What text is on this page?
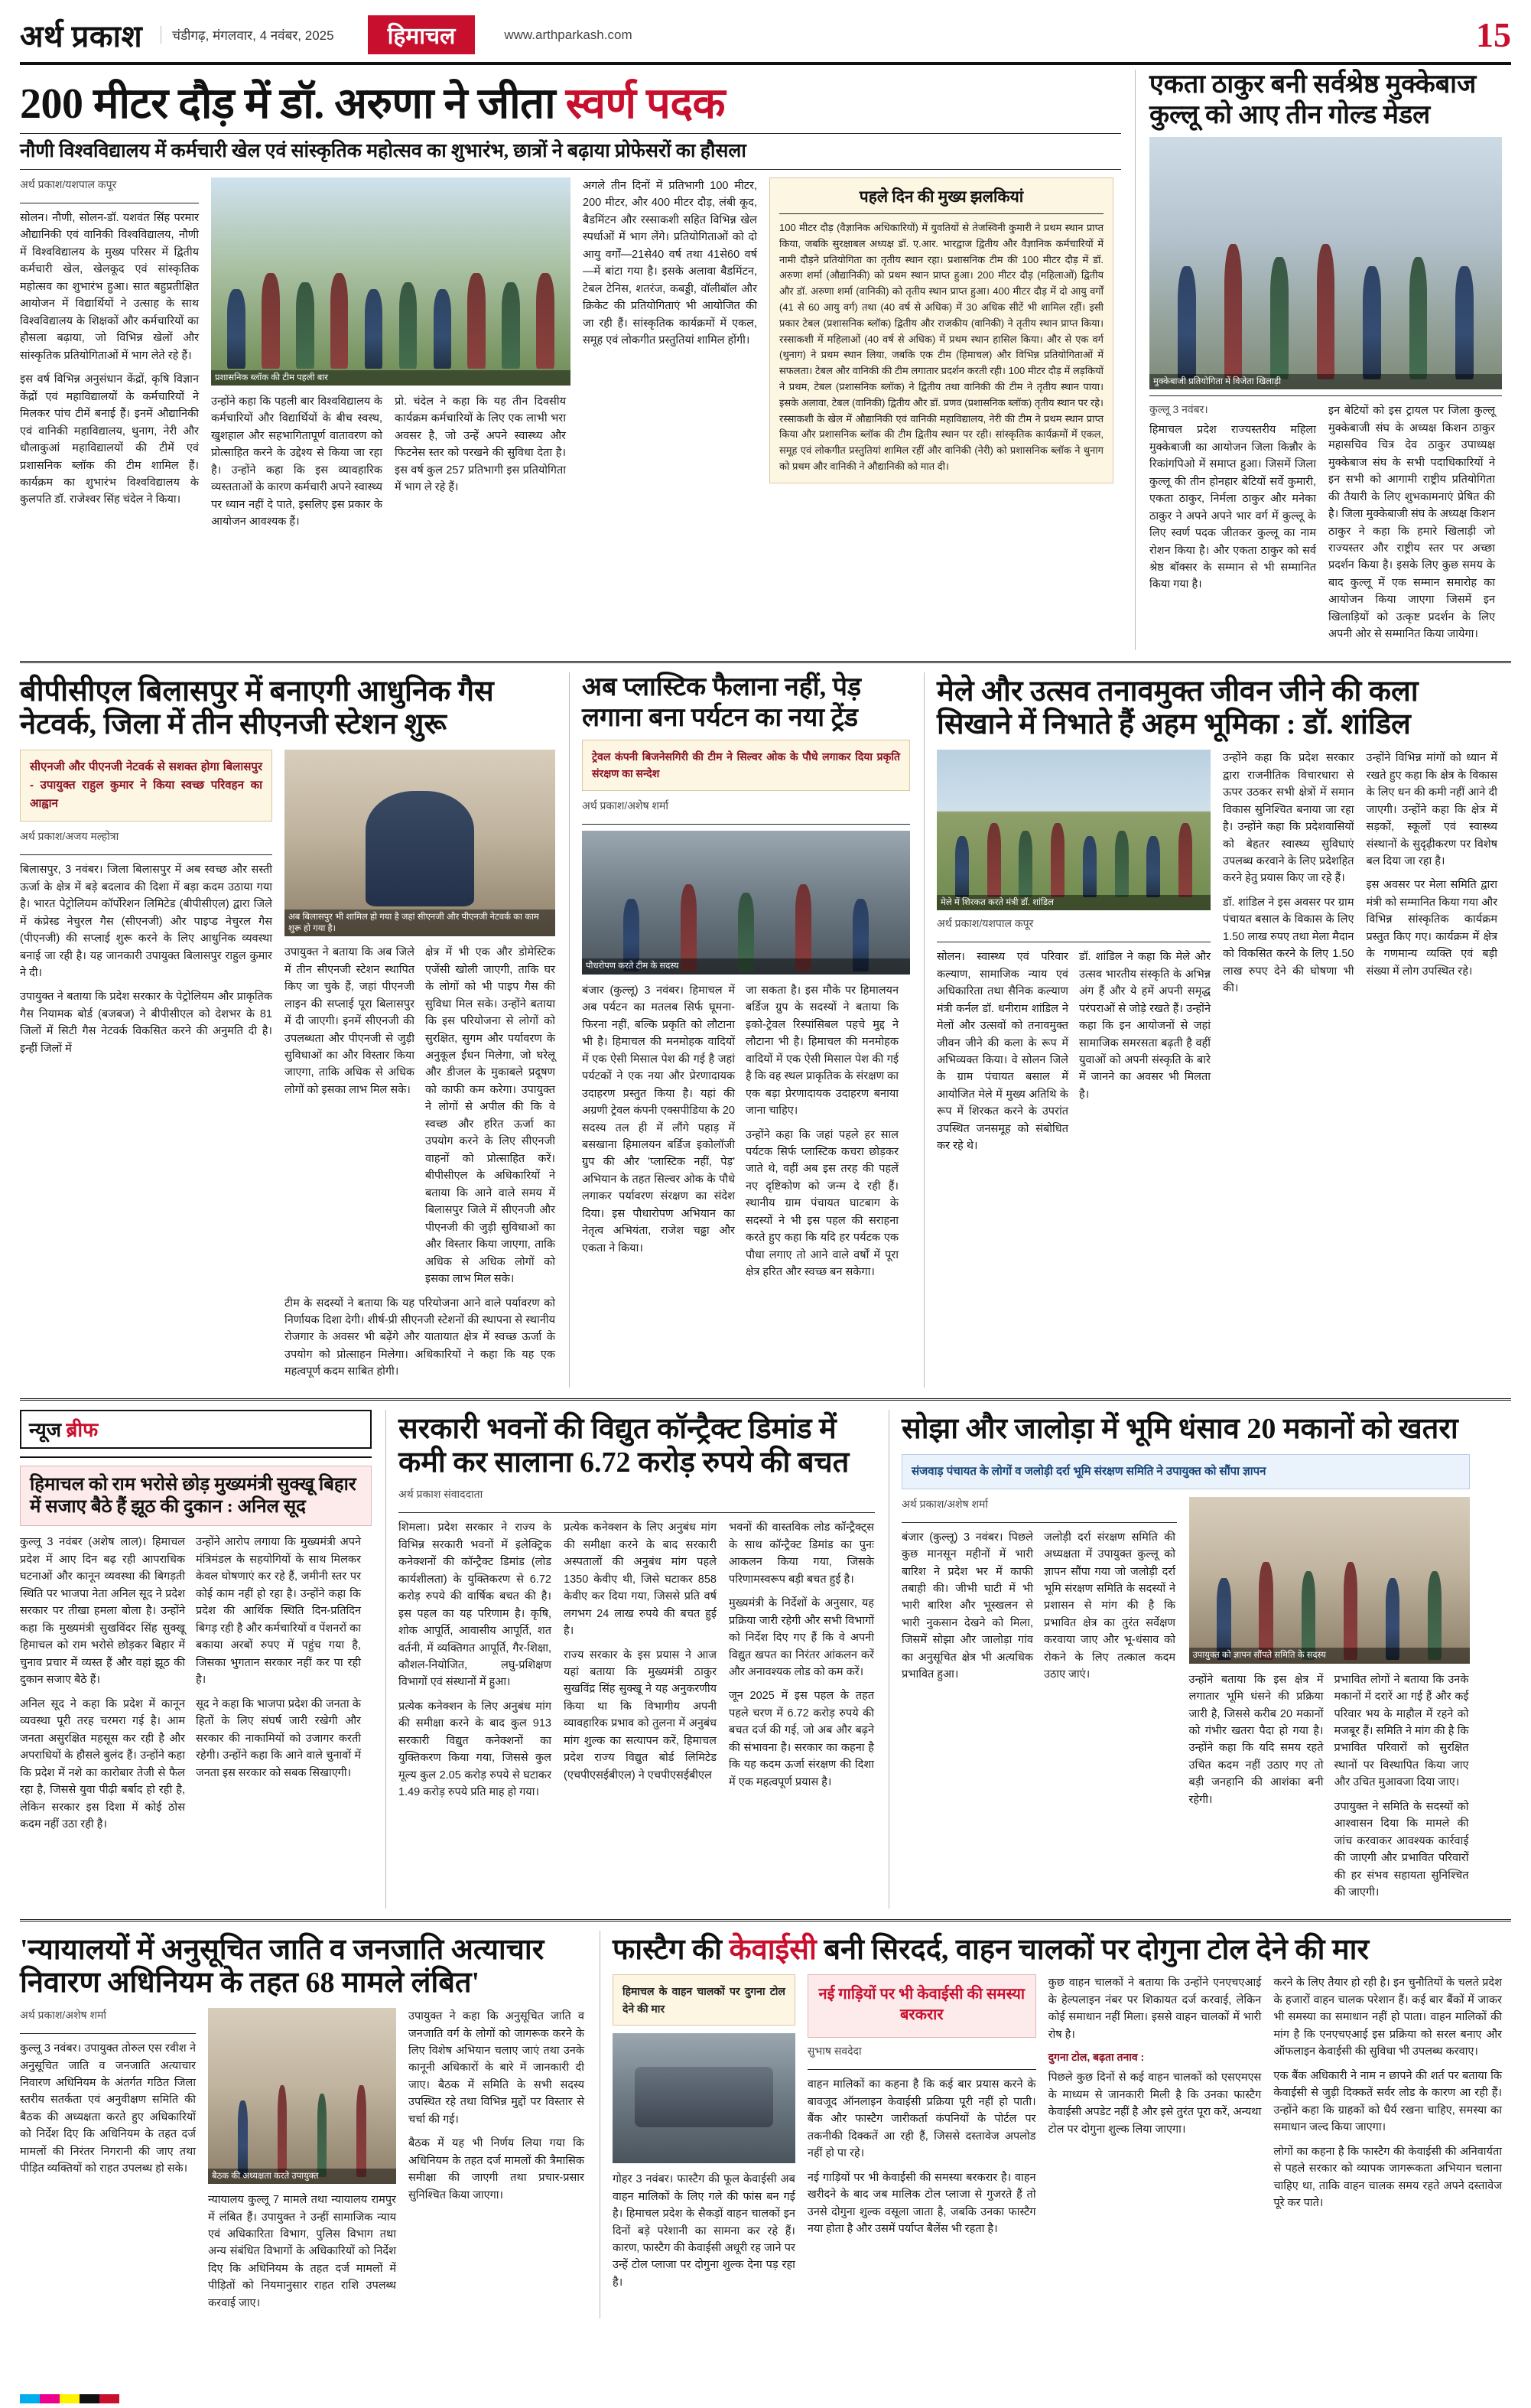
अर्थ प्रकाश	चंडीगढ़, मंगलवार, 4 नवंबर, 2025	हिमाचल	www.arthparkash.com	15
200 मीटर दौड़ में डॉ. अरुणा ने जीता स्वर्ण पदक
नौणी विश्वविद्यालय में कर्मचारी खेल एवं सांस्कृतिक महोत्सव का शुभारंभ, छात्रों ने बढ़ाया प्रोफेसरों का हौसला
अर्थ प्रकाश/यशपाल कपूर

सोलन। नौणी, सोलन-डॉ. यशवंत सिंह परमार औद्यानिकी एवं वानिकी विश्वविद्यालय, नौणी में विश्वविद्यालय के मुख्य परिसर में द्वितीय कर्मचारी खेल, खेलकूद एवं सांस्कृतिक महोत्सव का शुभारंभ हुआ। सात बहुप्रतीक्षित आयोजन में विद्यार्थियों ने उत्साह के साथ विश्वविद्यालय के शिक्षकों और कर्मचारियों का हौसला बढ़ाया, जो विभिन्न खेलों और सांस्कृतिक प्रतियोगिताओं में भाग लेते रहे हैं।

इस वर्ष विभिन्न अनुसंधान केंद्रों, कृषि विज्ञान केंद्रों एवं महाविद्यालयों के कर्मचारियों ने मिलकर पांच टीमें बनाई हैं। इनमें औद्यानिकी एवं वानिकी महाविद्यालय, थुनाग, नेरी और धौलाकुआं महाविद्यालयों की टीमें एवं प्रशासनिक ब्लॉक की टीम शामिल हैं। कार्यक्रम का शुभारंभ विश्वविद्यालय के कुलपति डॉ. राजेश्वर सिंह चंदेल ने किया।

प्रशासनिक ब्लॉक की टीम पहली बार

उन्होंने कहा कि पहली बार विश्वविद्यालय के कर्मचारियों और विद्यार्थियों के बीच स्वस्थ, खुशहाल और सहभागितापूर्ण वातावरण को प्रोत्साहित करने के उद्देश्य से किया जा रहा है। उन्होंने कहा कि इस व्यावहारिक व्यस्तताओं के कारण कर्मचारी अपने स्वास्थ्य पर ध्यान नहीं दे पाते, इसलिए इस प्रकार के आयोजन आवश्यक हैं।

प्रो. चंदेल ने कहा कि यह तीन दिवसीय कार्यक्रम कर्मचारियों के लिए एक लाभी भरा अवसर है, जो उन्हें अपने स्वास्थ्य और फिटनेस स्तर को परखने की सुविधा देता है। इस वर्ष कुल 257 प्रतिभागी इस प्रतियोगिता में भाग ले रहे हैं।

अगले तीन दिनों में प्रतिभागी 100 मीटर, 200 मीटर, और 400 मीटर दौड़, लंबी कूद, बैडमिंटन और रस्साकशी सहित विभिन्न खेल स्पर्धाओं में भाग लेंगे। प्रतियोगिताओं को दो आयु वर्गों—21से40 वर्ष तथा 41से60 वर्ष—में बांटा गया है। इसके अलावा बैडमिंटन, टेबल टेनिस, शतरंज, कबड्डी, वॉलीबॉल और क्रिकेट की प्रतियोगिताएं भी आयोजित की जा रही हैं। सांस्कृतिक कार्यक्रमों में एकल, समूह एवं लोकगीत प्रस्तुतियां शामिल होंगी।

पहले दिन की मुख्य झलकियां
100 मीटर दौड़ (वैज्ञानिक अधिकारियों) में युवतियों से तेजस्विनी कुमारी ने प्रथम स्थान प्राप्त किया, जबकि सुरक्षाबल अध्यक्ष डॉ. ए.आर. भारद्वाज द्वितीय और वैज्ञानिक कर्मचारियों में नामी दौड़ने प्रतियोगिता का तृतीय स्थान रहा। प्रशासनिक टीम की 100 मीटर दौड़ में डॉ. अरुणा शर्मा (औद्यानिकी) को प्रथम स्थान प्राप्त हुआ। 200 मीटर दौड़ (महिलाओं) द्वितीय और डॉ. अरुणा शर्मा (वानिकी) को तृतीय स्थान प्राप्त हुआ। 400 मीटर दौड़ में दो आयु वर्गों (41 से 60 आयु वर्ग) तथा (40 वर्ष से अधिक) में 30 अधिक सीटें भी शामिल रहीं। इसी प्रकार टेबल (प्रशासनिक ब्लॉक) द्वितीय और राजकीय (वानिकी) ने तृतीय स्थान प्राप्त किया। रस्साकशी में महिलाओं (40 वर्ष से अधिक) में प्रथम स्थान हासिल किया। और से एक वर्ग (थुनाग) ने प्रथम स्थान लिया, जबकि एक टीम (हिमाचल) और विभिन्न प्रतियोगिताओं में सफलता। टेबल और वानिकी की टीम लगातार प्रदर्शन करती रही। 100 मीटर दौड़ में लड़कियों ने प्रथम, टेबल (प्रशासनिक ब्लॉक) ने द्वितीय तथा वानिकी की टीम ने तृतीय स्थान पाया। इसके अलावा, टेबल (वानिकी) द्वितीय और डॉ. प्रणव (प्रशासनिक ब्लॉक) तृतीय स्थान पर रहे। रस्साकशी के खेल में औद्यानिकी एवं वानिकी महाविद्यालय, नेरी की टीम ने प्रथम स्थान प्राप्त किया और प्रशासनिक ब्लॉक की टीम द्वितीय स्थान पर रही। सांस्कृतिक कार्यक्रमों में एकल, समूह एवं लोकगीत प्रस्तुतियां शामिल रहीं और वानिकी (नेरी) को प्रशासनिक ब्लॉक ने थुनाग को प्रथम और वानिकी ने औद्यानिकी को मात दी।
एकता ठाकुर बनी सर्वश्रेष्ठ मुक्केबाज कुल्लू को आए तीन गोल्ड मेडल
मुक्केबाजी प्रतियोगिता में विजेता खिलाड़ी
कुल्लू 3 नवंबर।

हिमाचल प्रदेश राज्यस्तरीय महिला मुक्केबाजी का आयोजन जिला किन्नौर के रिकांगपिओ में समाप्त हुआ। जिसमें जिला कुल्लू की तीन होनहार बेटियों सर्वे कुमारी, एकता ठाकुर, निर्मला ठाकुर और मनेका ठाकुर ने अपने अपने भार वर्ग में कुल्लू के लिए स्वर्ण पदक जीतकर कुल्लू का नाम रोशन किया है। और एकता ठाकुर को सर्व श्रेष्ठ बॉक्सर के सम्मान से भी सम्मानित किया गया है।

इन बेटियों को इस ट्रायल पर जिला कुल्लू मुक्केबाजी संघ के अध्यक्ष किशन ठाकुर महासचिव चित्र देव ठाकुर उपाध्यक्ष मुक्केबाज संघ के सभी पदाधिकारियों ने इन सभी को आगामी राष्ट्रीय प्रतियोगिता की तैयारी के लिए शुभकामनाएं प्रेषित की है। जिला मुक्केबाजी संघ के अध्यक्ष किशन ठाकुर ने कहा कि हमारे खिलाड़ी जो राज्यस्तर और राष्ट्रीय स्तर पर अच्छा प्रदर्शन किया है। इसके लिए कुछ समय के बाद कुल्लू में एक सम्मान समारोह का आयोजन किया जाएगा जिसमें इन खिलाड़ियों को उत्कृष्ट प्रदर्शन के लिए अपनी ओर से सम्मानित किया जायेगा।

बीपीसीएल बिलासपुर में बनाएगी आधुनिक गैस नेटवर्क, जिला में तीन सीएनजी स्टेशन शुरू
सीएनजी और पीएनजी नेटवर्क से सशक्त होगा बिलासपुर - उपायुक्त राहुल कुमार ने किया स्वच्छ परिवहन का आह्वान
अर्थ प्रकाश/अजय मल्होत्रा

बिलासपुर, 3 नवंबर। जिला बिलासपुर में अब स्वच्छ और सस्ती ऊर्जा के क्षेत्र में बड़े बदलाव की दिशा में बड़ा कदम उठाया गया है। भारत पेट्रोलियम कॉर्पोरेशन लिमिटेड (बीपीसीएल) द्वारा जिले में कंप्रेस्ड नेचुरल गैस (सीएनजी) और पाइप्ड नेचुरल गैस (पीएनजी) की सप्लाई शुरू करने के लिए आधुनिक व्यवस्था बनाई जा रही है। यह जानकारी उपायुक्त बिलासपुर राहुल कुमार ने दी।

उपायुक्त ने बताया कि प्रदेश सरकार के पेट्रोलियम और प्राकृतिक गैस नियामक बोर्ड (बजबज) ने बीपीसीएल को देशभर के 81 जिलों में सिटी गैस नेटवर्क विकसित करने की अनुमति दी है। इन्हीं जिलों में

अब बिलासपुर भी शामिल हो गया है जहां सीएनजी और पीएनजी नेटवर्क का काम शुरू हो गया है।

उपायुक्त ने बताया कि अब जिले में तीन सीएनजी स्टेशन स्थापित किए जा चुके हैं, जहां पीएनजी लाइन की सप्लाई पूरा बिलासपुर में दी जाएगी। इनमें सीएनजी की उपलब्धता और पीएनजी से जुड़ी सुविधाओं का और विस्तार किया जाएगा, ताकि अधिक से अधिक लोगों को इसका लाभ मिल सके।

क्षेत्र में भी एक और डोमेस्टिक एजेंसी खोली जाएगी, ताकि घर के लोगों को भी पाइप गैस की सुविधा मिल सके। उन्होंने बताया कि इस परियोजना से लोगों को सुरक्षित, सुगम और पर्यावरण के अनुकूल ईंधन मिलेगा, जो घरेलू और डीजल के मुकाबले प्रदूषण को काफी कम करेगा। उपायुक्त ने लोगों से अपील की कि वे स्वच्छ और हरित ऊर्जा का उपयोग करने के लिए सीएनजी वाहनों को प्रोत्साहित करें। बीपीसीएल के अधिकारियों ने बताया कि आने वाले समय में बिलासपुर जिले में सीएनजी और पीएनजी की जुड़ी सुविधाओं का और विस्तार किया जाएगा, ताकि अधिक से अधिक लोगों को इसका लाभ मिल सके।

टीम के सदस्यों ने बताया कि यह परियोजना आने वाले पर्यावरण को निर्णायक दिशा देगी। शीर्ष-प्री सीएनजी स्टेशनों की स्थापना से स्थानीय रोजगार के अवसर भी बढ़ेंगे और यातायात क्षेत्र में स्वच्छ ऊर्जा के उपयोग को प्रोत्साहन मिलेगा। अधिकारियों ने कहा कि यह एक महत्वपूर्ण कदम साबित होगी।

अब प्लास्टिक फैलाना नहीं, पेड़ लगाना बना पर्यटन का नया ट्रेंड
ट्रेवल कंपनी बिजनेसगिरी की टीम ने सिल्वर ओक के पौधे लगाकर दिया प्रकृति संरक्षण का सन्देश
अर्थ प्रकाश/अशेष शर्मा
पौधरोपण करते टीम के सदस्य

बंजार (कुल्लू) 3 नवंबर। हिमाचल में अब पर्यटन का मतलब सिर्फ घूमना-फिरना नहीं, बल्कि प्रकृति को लौटाना भी है। हिमाचल की मनमोहक वादियों में एक ऐसी मिसाल पेश की गई है जहां पर्यटकों ने एक नया और प्रेरणादायक उदाहरण प्रस्तुत किया है। यहां की अग्रणी ट्रेवल कंपनी एक्सपीडिया के 20 सदस्य तल ही में लौंगे पहाड़ में बसखाना हिमालयन बर्डिज इकोलॉजी ग्रुप की और 'प्लास्टिक नहीं, पेड़' अभियान के तहत सिल्वर ओक के पौधे लगाकर पर्यावरण संरक्षण का संदेश दिया। इस पौधारोपण अभियान का नेतृत्व अभियंता, राजेश चढ्ढा और एकता ने किया।

जा सकता है। इस मौके पर हिमालयन बर्डिज ग्रुप के सदस्यों ने बताया कि इको-ट्रेवल रिस्पांसिबल पहचे मुद्द ने लौटाना भी है। हिमाचल की मनमोहक वादियों में एक ऐसी मिसाल पेश की गई है कि वह स्थल प्राकृतिक के संरक्षण का एक बड़ा प्रेरणादायक उदाहरण बनाया जाना चाहिए।

उन्होंने कहा कि जहां पहले हर साल पर्यटक सिर्फ प्लास्टिक कचरा छोड़कर जाते थे, वहीं अब इस तरह की पहलें नए दृष्टिकोण को जन्म दे रही हैं। स्थानीय ग्राम पंचायत घाटबाग के सदस्यों ने भी इस पहल की सराहना करते हुए कहा कि यदि हर पर्यटक एक पौधा लगाए तो आने वाले वर्षों में पूरा क्षेत्र हरित और स्वच्छ बन सकेगा।

मेले और उत्सव तनावमुक्त जीवन जीने की कला सिखाने में निभाते हैं अहम भूमिका : डॉ. शांडिल
मेले में शिरकत करते मंत्री डॉ. शांडिल
अर्थ प्रकाश/यशपाल कपूर

सोलन। स्वास्थ्य एवं परिवार कल्याण, सामाजिक न्याय एवं अधिकारिता तथा सैनिक कल्याण मंत्री कर्नल डॉ. धनीराम शांडिल ने मेलों और उत्सवों को तनावमुक्त जीवन जीने की कला के रूप में अभिव्यक्त किया। वे सोलन जिले के ग्राम पंचायत बसाल में आयोजित मेले में मुख्य अतिथि के रूप में शिरकत करने के उपरांत उपस्थित जनसमूह को संबोधित कर रहे थे।

डॉ. शांडिल ने कहा कि मेले और उत्सव भारतीय संस्कृति के अभिन्न अंग हैं और ये हमें अपनी समृद्ध परंपराओं से जोड़े रखते हैं। उन्होंने कहा कि इन आयोजनों से जहां सामाजिक समरसता बढ़ती है वहीं युवाओं को अपनी संस्कृति के बारे में जानने का अवसर भी मिलता है।

उन्होंने कहा कि प्रदेश सरकार द्वारा राजनीतिक विचारधारा से ऊपर उठकर सभी क्षेत्रों में समान विकास सुनिश्चित बनाया जा रहा है। उन्होंने कहा कि प्रदेशवासियों को बेहतर स्वास्थ्य सुविधाएं उपलब्ध करवाने के लिए प्रदेशहित करने हेतु प्रयास किए जा रहे हैं।

डॉ. शांडिल ने इस अवसर पर ग्राम पंचायत बसाल के विकास के लिए 1.50 लाख रुपए तथा मेला मैदान को विकसित करने के लिए 1.50 लाख रुपए देने की घोषणा भी की।

उन्होंने विभिन्न मांगों को ध्यान में रखते हुए कहा कि क्षेत्र के विकास के लिए धन की कमी नहीं आने दी जाएगी। उन्होंने कहा कि क्षेत्र में सड़कों, स्कूलों एवं स्वास्थ्य संस्थानों के सुदृढ़ीकरण पर विशेष बल दिया जा रहा है।

इस अवसर पर मेला समिति द्वारा मंत्री को सम्मानित किया गया और विभिन्न सांस्कृतिक कार्यक्रम प्रस्तुत किए गए। कार्यक्रम में क्षेत्र के गणमान्य व्यक्ति एवं बड़ी संख्या में लोग उपस्थित रहे।

न्यूज ब्रीफ
हिमाचल को राम भरोसे छोड़ मुख्यमंत्री सुक्खू बिहार में सजाए बैठे हैं झूठ की दुकान : अनिल सूद

कुल्लू 3 नवंबर (अशेष लाल)। हिमाचल प्रदेश में आए दिन बढ़ रही आपराधिक घटनाओं और कानून व्यवस्था की बिगड़ती स्थिति पर भाजपा नेता अनिल सूद ने प्रदेश सरकार पर तीखा हमला बोला है। उन्होंने कहा कि मुख्यमंत्री सुखविंदर सिंह सुक्खू हिमाचल को राम भरोसे छोड़कर बिहार में चुनाव प्रचार में व्यस्त हैं और वहां झूठ की दुकान सजाए बैठे हैं।

अनिल सूद ने कहा कि प्रदेश में कानून व्यवस्था पूरी तरह चरमरा गई है। आम जनता असुरक्षित महसूस कर रही है और अपराधियों के हौसले बुलंद हैं। उन्होंने कहा कि प्रदेश में नशे का कारोबार तेजी से फैल रहा है, जिससे युवा पीढ़ी बर्बाद हो रही है, लेकिन सरकार इस दिशा में कोई ठोस कदम नहीं उठा रही है।

उन्होंने आरोप लगाया कि मुख्यमंत्री अपने मंत्रिमंडल के सहयोगियों के साथ मिलकर केवल घोषणाएं कर रहे हैं, जमीनी स्तर पर कोई काम नहीं हो रहा है। उन्होंने कहा कि प्रदेश की आर्थिक स्थिति दिन-प्रतिदिन बिगड़ रही है और कर्मचारियों व पेंशनरों का बकाया अरबों रुपए में पहुंच गया है, जिसका भुगतान सरकार नहीं कर पा रही है।

सूद ने कहा कि भाजपा प्रदेश की जनता के हितों के लिए संघर्ष जारी रखेगी और सरकार की नाकामियों को उजागर करती रहेगी। उन्होंने कहा कि आने वाले चुनावों में जनता इस सरकार को सबक सिखाएगी।

सरकारी भवनों की विद्युत कॉन्ट्रैक्ट डिमांड में कमी कर सालाना 6.72 करोड़ रुपये की बचत
अर्थ प्रकाश संवाददाता

शिमला। प्रदेश सरकार ने राज्य के विभिन्न सरकारी भवनों में इलेक्ट्रिक कनेक्शनों की कॉन्ट्रैक्ट डिमांड (लोड कार्यशीलता) के युक्तिकरण से 6.72 करोड़ रुपये की वार्षिक बचत की है। इस पहल का यह परिणाम है। कृषि, शोक आपूर्ति, आवासीय आपूर्ति, शत वर्तनी, में व्यक्तिगत आपूर्ति, गैर-शिक्षा, कौशल-नियोजित, लघु-प्रशिक्षण विभागों एवं संस्थानों में हुआ।

प्रत्येक कनेक्शन के लिए अनुबंध मांग की समीक्षा करने के बाद कुल 913 सरकारी विद्युत कनेक्शनों का युक्तिकरण किया गया, जिससे कुल मूल्य कुल 2.05 करोड़ रुपये से घटाकर 1.49 करोड़ रुपये प्रति माह हो गया।

प्रत्येक कनेक्शन के लिए अनुबंध मांग की समीक्षा करने के बाद सरकारी अस्पतालों की अनुबंध मांग पहले 1350 केवीए थी, जिसे घटाकर 858 केवीए कर दिया गया, जिससे प्रति वर्ष लगभग 24 लाख रुपये की बचत हुई है।

राज्य सरकार के इस प्रयास ने आज यहां बताया कि मुख्यमंत्री ठाकुर सुखविंद्र सिंह सुक्खू ने यह अनुकरणीय किया था कि विभागीय अपनी व्यावहारिक प्रभाव को तुलना में अनुबंध मांग शुल्क का सत्यापन करें, हिमाचल प्रदेश राज्य विद्युत बोर्ड लिमिटेड (एचपीएसईबीएल) ने एचपीएसईबीएल

भवनों की वास्तविक लोड कॉन्ट्रैक्ट्स के साथ कॉन्ट्रैक्ट डिमांड का पुनः आकलन किया गया, जिसके परिणामस्वरूप बड़ी बचत हुई है।

मुख्यमंत्री के निर्देशों के अनुसार, यह प्रक्रिया जारी रहेगी और सभी विभागों को निर्देश दिए गए हैं कि वे अपनी विद्युत खपत का निरंतर आंकलन करें और अनावश्यक लोड को कम करें।

जून 2025 में इस पहल के तहत पहले चरण में 6.72 करोड़ रुपये की बचत दर्ज की गई, जो अब और बढ़ने की संभावना है। सरकार का कहना है कि यह कदम ऊर्जा संरक्षण की दिशा में एक महत्वपूर्ण प्रयास है।

सोझा और जालोड़ा में भूमि धंसाव 20 मकानों को खतरा
संजवाड़ पंचायत के लोगों व जलोड़ी दर्रा भूमि संरक्षण समिति ने उपायुक्त को सौंपा ज्ञापन
अर्थ प्रकाश/अशेष शर्मा

बंजार (कुल्लू) 3 नवंबर। पिछले कुछ मानसून महीनों में भारी बारिश ने प्रदेश भर में काफी तबाही की। जीभी घाटी में भी भारी बारिश और भूस्खलन से भारी नुकसान देखने को मिला, जिसमें सोझा और जालोड़ा गांव का अनुसूचित क्षेत्र भी अत्यधिक प्रभावित हुआ।

जलोड़ी दर्रा संरक्षण समिति की अध्यक्षता में उपायुक्त कुल्लू को ज्ञापन सौंपा गया जो जलोड़ी दर्रा भूमि संरक्षण समिति के सदस्यों ने प्रशासन से मांग की है कि प्रभावित क्षेत्र का तुरंत सर्वेक्षण करवाया जाए और भू-धंसाव को रोकने के लिए तत्काल कदम उठाए जाएं।

उपायुक्त को ज्ञापन सौंपते समिति के सदस्य

उन्होंने बताया कि इस क्षेत्र में लगातार भूमि धंसने की प्रक्रिया जारी है, जिससे करीब 20 मकानों को गंभीर खतरा पैदा हो गया है। उन्होंने कहा कि यदि समय रहते उचित कदम नहीं उठाए गए तो बड़ी जनहानि की आशंका बनी रहेगी।

प्रभावित लोगों ने बताया कि उनके मकानों में दरारें आ गई हैं और कई परिवार भय के माहौल में रहने को मजबूर हैं। समिति ने मांग की है कि प्रभावित परिवारों को सुरक्षित स्थानों पर विस्थापित किया जाए और उचित मुआवजा दिया जाए।

उपायुक्त ने समिति के सदस्यों को आश्वासन दिया कि मामले की जांच करवाकर आवश्यक कार्रवाई की जाएगी और प्रभावित परिवारों की हर संभव सहायता सुनिश्चित की जाएगी।

'न्यायालयों में अनुसूचित जाति व जनजाति अत्याचार निवारण अधिनियम के तहत 68 मामले लंबित'
अर्थ प्रकाश/अशेष शर्मा

कुल्लू 3 नवंबर। उपायुक्त तोरुल एस रवीश ने अनुसूचित जाति व जनजाति अत्याचार निवारण अधिनियम के अंतर्गत गठित जिला स्तरीय सतर्कता एवं अनुवीक्षण समिति की बैठक की अध्यक्षता करते हुए अधिकारियों को निर्देश दिए कि अधिनियम के तहत दर्ज मामलों की निरंतर निगरानी की जाए तथा पीड़ित व्यक्तियों को राहत उपलब्ध हो सके।

बैठक की अध्यक्षता करते उपायुक्त

न्यायालय कुल्लू 7 मामले तथा न्यायालय रामपुर में लंबित हैं। उपायुक्त ने उन्हीं सामाजिक न्याय एवं अधिकारिता विभाग, पुलिस विभाग तथा अन्य संबंधित विभागों के अधिकारियों को निर्देश दिए कि अधिनियम के तहत दर्ज मामलों में पीड़ितों को नियमानुसार राहत राशि उपलब्ध करवाई जाए।

उपायुक्त ने कहा कि अनुसूचित जाति व जनजाति वर्ग के लोगों को जागरूक करने के लिए विशेष अभियान चलाए जाएं तथा उनके कानूनी अधिकारों के बारे में जानकारी दी जाए। बैठक में समिति के सभी सदस्य उपस्थित रहे तथा विभिन्न मुद्दों पर विस्तार से चर्चा की गई।

बैठक में यह भी निर्णय लिया गया कि अधिनियम के तहत दर्ज मामलों की त्रैमासिक समीक्षा की जाएगी तथा प्रचार-प्रसार सुनिश्चित किया जाएगा।

फास्टैग की केवाईसी बनी सिरदर्द, वाहन चालकों पर दोगुना टोल देने की मार
हिमाचल के वाहन चालकों पर दुगना टोल देने की मार

गोहर 3 नवंबर। फास्टैग की फूल केवाईसी अब वाहन मालिकों के लिए गले की फांस बन गई है। हिमाचल प्रदेश के सैकड़ों वाहन चालकों इन दिनों बड़े परेशानी का सामना कर रहे हैं। कारण, फास्टैग की केवाईसी अधूरी रह जाने पर उन्हें टोल प्लाजा पर दोगुना शुल्क देना पड़ रहा है।

नई गाड़ियों पर भी केवाईसी की समस्या बरकरार
सुभाष सवदेदा

वाहन मालिकों का कहना है कि कई बार प्रयास करने के बावजूद ऑनलाइन केवाईसी प्रक्रिया पूरी नहीं हो पाती। बैंक और फास्टैग जारीकर्ता कंपनियों के पोर्टल पर तकनीकी दिक्कतें आ रही हैं, जिससे दस्तावेज अपलोड नहीं हो पा रहे।

नई गाड़ियों पर भी केवाईसी की समस्या बरकरार है। वाहन खरीदने के बाद जब मालिक टोल प्लाजा से गुजरते हैं तो उनसे दोगुना शुल्क वसूला जाता है, जबकि उनका फास्टैग नया होता है और उसमें पर्याप्त बैलेंस भी रहता है।

कुछ वाहन चालकों ने बताया कि उन्होंने एनएचएआई के हेल्पलाइन नंबर पर शिकायत दर्ज करवाई, लेकिन कोई समाधान नहीं मिला। इससे वाहन चालकों में भारी रोष है।

दुगना टोल, बढ़ता तनाव :

पिछले कुछ दिनों से कई वाहन चालकों को एसएमएस के माध्यम से जानकारी मिली है कि उनका फास्टैग केवाईसी अपडेट नहीं है और इसे तुरंत पूरा करें, अन्यथा टोल पर दोगुना शुल्क लिया जाएगा।

करने के लिए तैयार हो रही है। इन चुनौतियों के चलते प्रदेश के हजारों वाहन चालक परेशान हैं। कई बार बैंकों में जाकर भी समस्या का समाधान नहीं हो पाता। वाहन मालिकों की मांग है कि एनएचएआई इस प्रक्रिया को सरल बनाए और ऑफलाइन केवाईसी की सुविधा भी उपलब्ध करवाए।

एक बैंक अधिकारी ने नाम न छापने की शर्त पर बताया कि केवाईसी से जुड़ी दिक्कतें सर्वर लोड के कारण आ रही हैं। उन्होंने कहा कि ग्राहकों को धैर्य रखना चाहिए, समस्या का समाधान जल्द किया जाएगा।

लोगों का कहना है कि फास्टैग की केवाईसी की अनिवार्यता से पहले सरकार को व्यापक जागरूकता अभियान चलाना चाहिए था, ताकि वाहन चालक समय रहते अपने दस्तावेज पूरे कर पाते।
